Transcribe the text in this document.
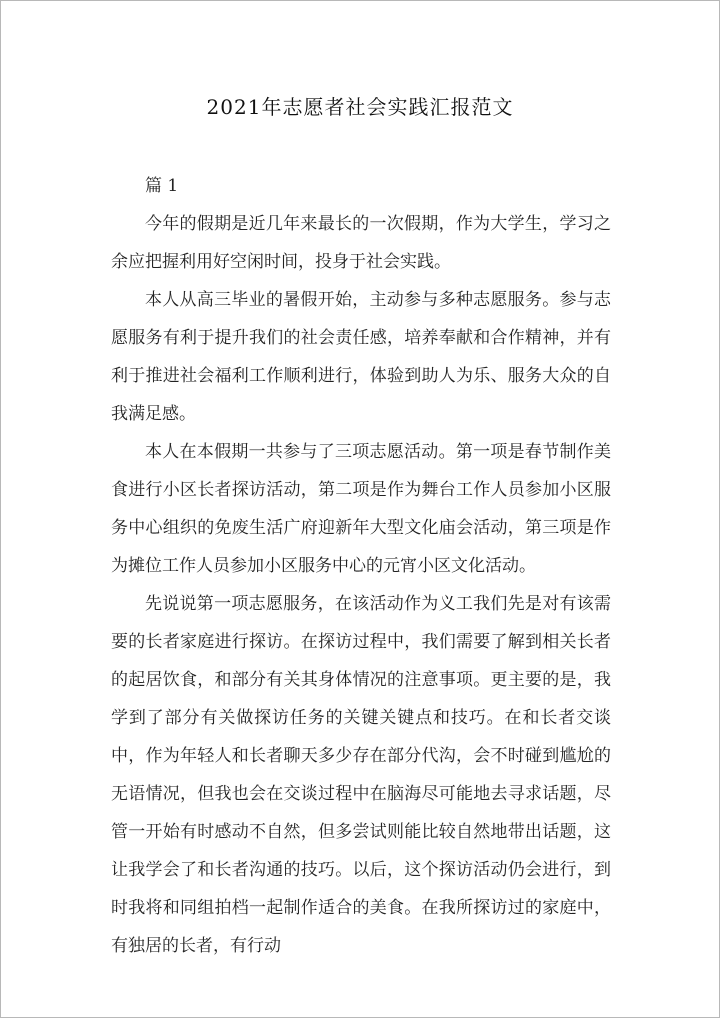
2021年志愿者社会实践汇报范文

篇 1

今年的假期是近几年来最长的一次假期，作为大学生，学习之余应把握利用好空闲时间，投身于社会实践。

本人从高三毕业的暑假开始，主动参与多种志愿服务。参与志愿服务有利于提升我们的社会责任感，培养奉献和合作精神，并有利于推进社会福利工作顺利进行，体验到助人为乐、服务大众的自我满足感。

本人在本假期一共参与了三项志愿活动。第一项是春节制作美食进行小区长者探访活动，第二项是作为舞台工作人员参加小区服务中心组织的免废生活广府迎新年大型文化庙会活动，第三项是作为摊位工作人员参加小区服务中心的元宵小区文化活动。

先说说第一项志愿服务，在该活动作为义工我们先是对有该需要的长者家庭进行探访。在探访过程中，我们需要了解到相关长者的起居饮食，和部分有关其身体情况的注意事项。更主要的是，我学到了部分有关做探访任务的关键关键点和技巧。在和长者交谈中，作为年轻人和长者聊天多少存在部分代沟，会不时碰到尴尬的无语情况，但我也会在交谈过程中在脑海尽可能地去寻求话题，尽管一开始有时感动不自然，但多尝试则能比较自然地带出话题，这让我学会了和长者沟通的技巧。以后，这个探访活动仍会进行，到时我将和同组拍档一起制作适合的美食。在我所探访过的家庭中，有独居的长者，有行动
